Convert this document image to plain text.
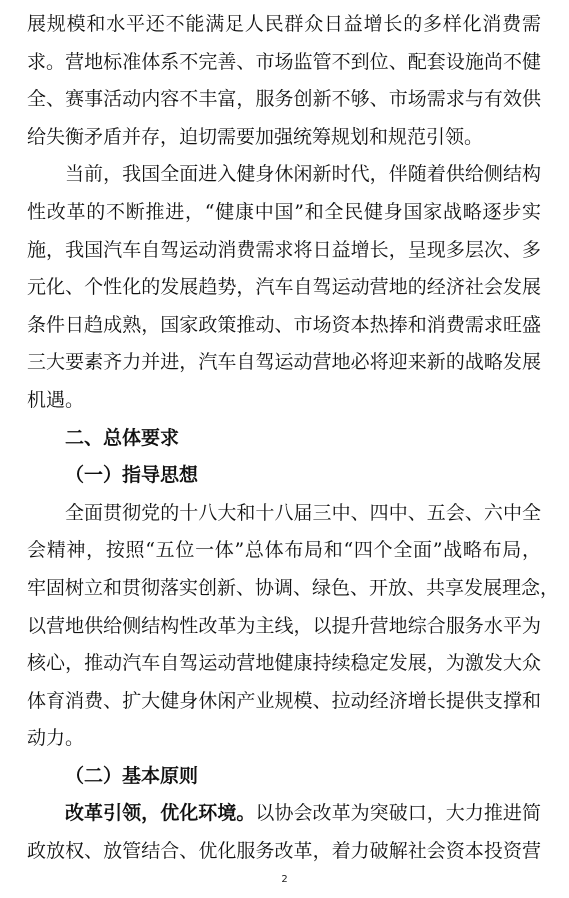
展规模和水平还不能满足人民群众日益增长的多样化消费需
求。营地标准体系不完善、市场监管不到位、配套设施尚不健
全、赛事活动内容不丰富，服务创新不够、市场需求与有效供
给失衡矛盾并存，迫切需要加强统筹规划和规范引领。
当前，我国全面进入健身休闲新时代，伴随着供给侧结构
性改革的不断推进，“健康中国”和全民健身国家战略逐步实
施，我国汽车自驾运动消费需求将日益增长，呈现多层次、多
元化、个性化的发展趋势，汽车自驾运动营地的经济社会发展
条件日趋成熟，国家政策推动、市场资本热捧和消费需求旺盛
三大要素齐力并进，汽车自驾运动营地必将迎来新的战略发展
机遇。
二、总体要求
（一）指导思想
全面贯彻党的十八大和十八届三中、四中、五会、六中全
会精神，按照“五位一体”总体布局和“四个全面”战略布局，
牢固树立和贯彻落实创新、协调、绿色、开放、共享发展理念，
以营地供给侧结构性改革为主线，以提升营地综合服务水平为
核心，推动汽车自驾运动营地健康持续稳定发展，为激发大众
体育消费、扩大健身休闲产业规模、拉动经济增长提供支撑和
动力。
（二）基本原则
改革引领，优化环境。以协会改革为突破口，大力推进简
政放权、放管结合、优化服务改革，着力破解社会资本投资营
2
